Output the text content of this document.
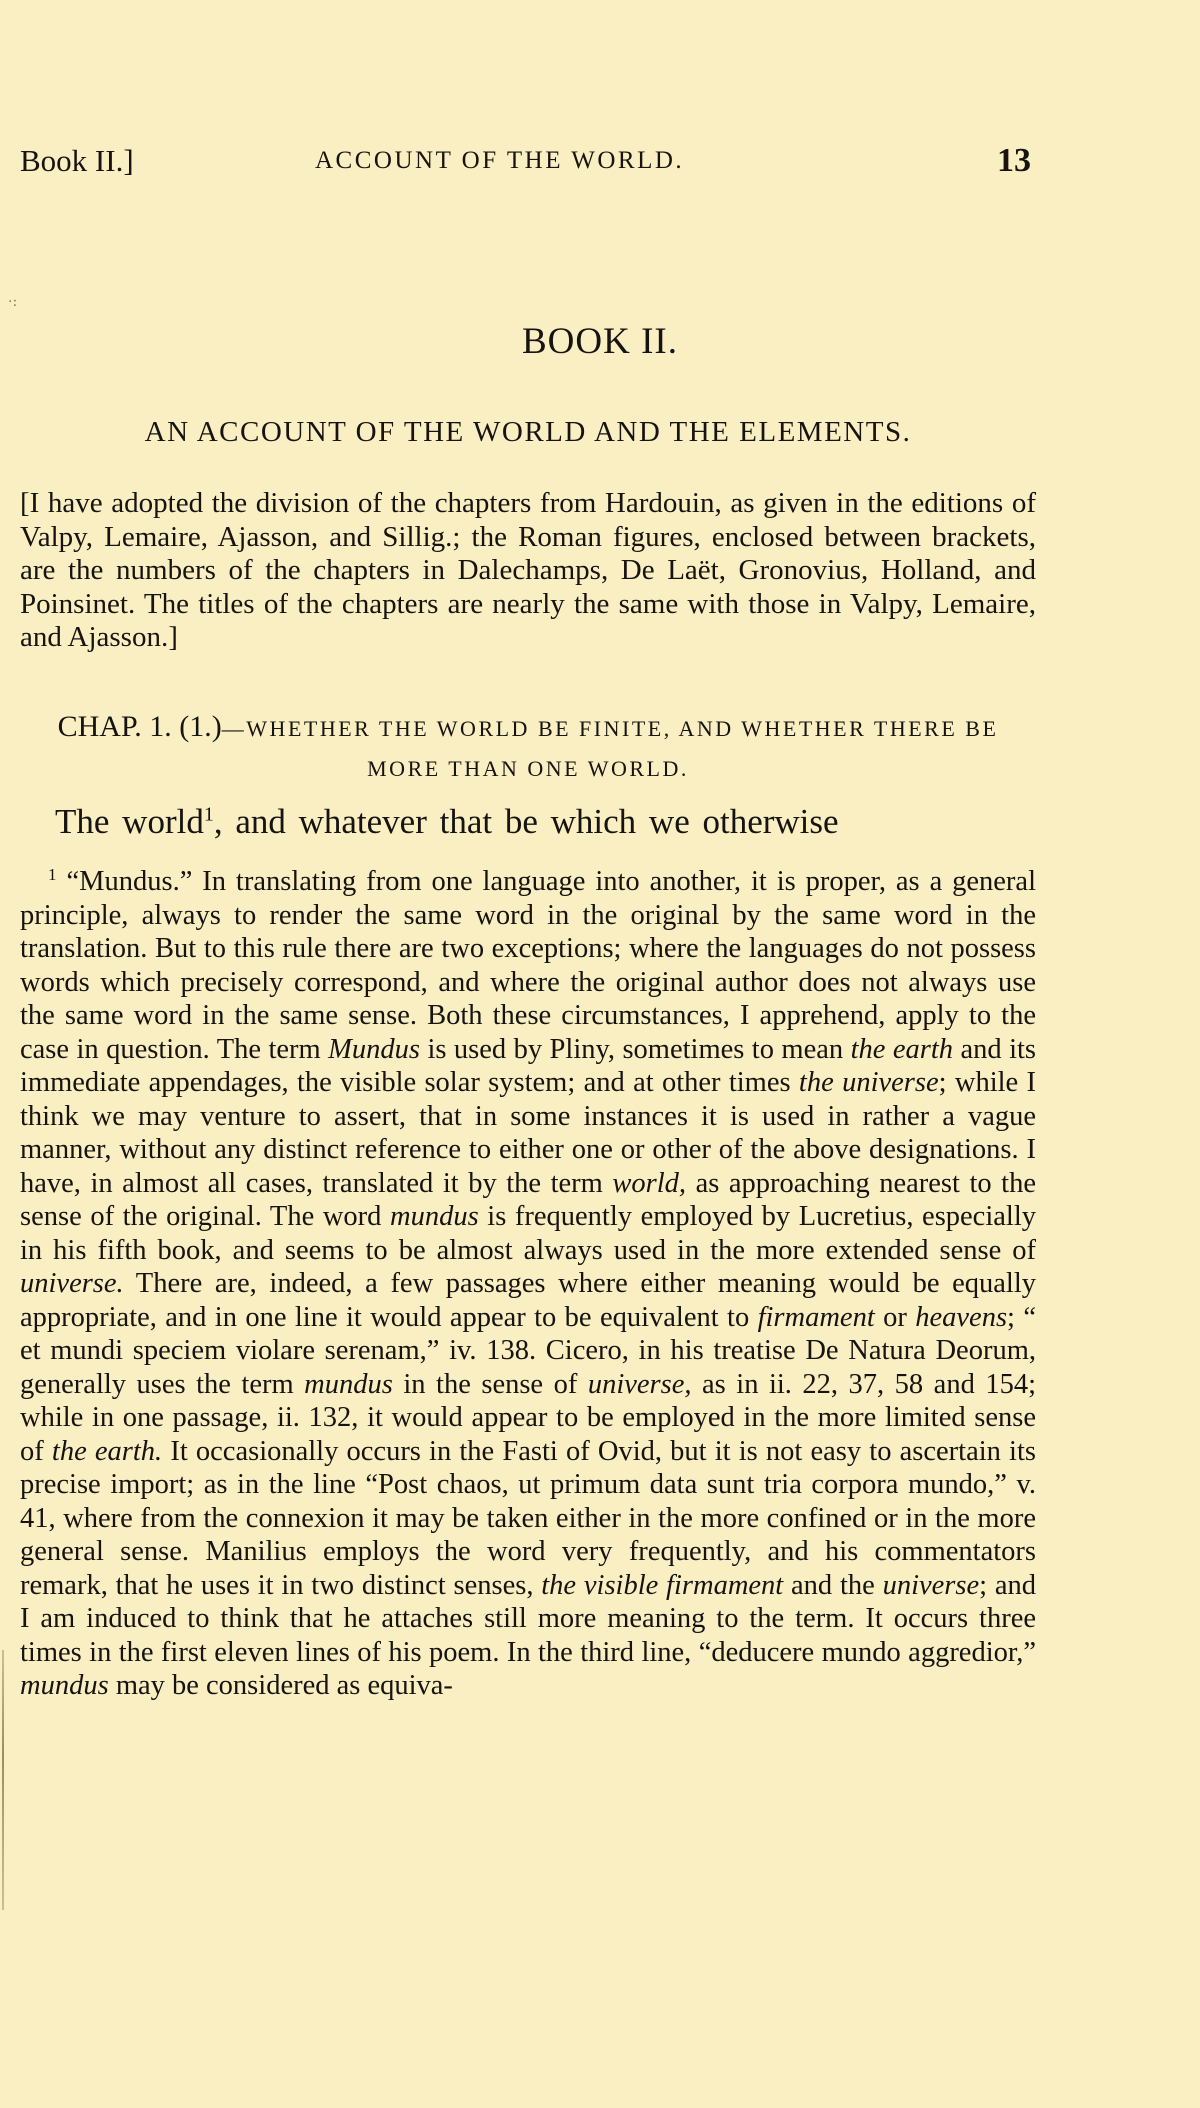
Book II.]	ACCOUNT OF THE WORLD.	13
·:
BOOK II.
AN ACCOUNT OF THE WORLD AND THE ELEMENTS.
[I have adopted the division of the chapters from Hardouin, as given in the editions of Valpy, Lemaire, Ajasson, and Sillig.; the Roman figures, enclosed between brackets, are the numbers of the chapters in Dalechamps, De Laët, Gronovius, Holland, and Poinsinet. The titles of the chapters are nearly the same with those in Valpy, Lemaire, and Ajasson.]
CHAP. 1. (1.)—WHETHER THE WORLD BE FINITE, AND WHETHER THERE BE MORE THAN ONE WORLD.
The world$^1$, and whatever that be which we otherwise
$^1$ “Mundus.” In translating from one language into another, it is proper, as a general principle, always to render the same word in the original by the same word in the translation. But to this rule there are two exceptions; where the languages do not possess words which precisely correspond, and where the original author does not always use the same word in the same sense. Both these circumstances, I apprehend, apply to the case in question. The term Mundus is used by Pliny, sometimes to mean the earth and its immediate appendages, the visible solar system; and at other times the universe; while I think we may venture to assert, that in some instances it is used in rather a vague manner, without any distinct reference to either one or other of the above designations. I have, in almost all cases, translated it by the term world, as approaching nearest to the sense of the original. The word mundus is frequently employed by Lucretius, especially in his fifth book, and seems to be almost always used in the more extended sense of universe. There are, indeed, a few passages where either meaning would be equally appropriate, and in one line it would appear to be equivalent to firmament or heavens; “ et mundi speciem violare serenam,” iv. 138. Cicero, in his treatise De Natura Deorum, generally uses the term mundus in the sense of universe, as in ii. 22, 37, 58 and 154; while in one passage, ii. 132, it would appear to be employed in the more limited sense of the earth. It occasionally occurs in the Fasti of Ovid, but it is not easy to ascertain its precise import; as in the line “Post chaos, ut primum data sunt tria corpora mundo,” v. 41, where from the connexion it may be taken either in the more confined or in the more general sense. Manilius employs the word very frequently, and his commentators remark, that he uses it in two distinct senses, the visible firmament and the universe; and I am induced to think that he attaches still more meaning to the term. It occurs three times in the first eleven lines of his poem. In the third line, “deducere mundo aggredior,” mundus may be considered as equiva-
